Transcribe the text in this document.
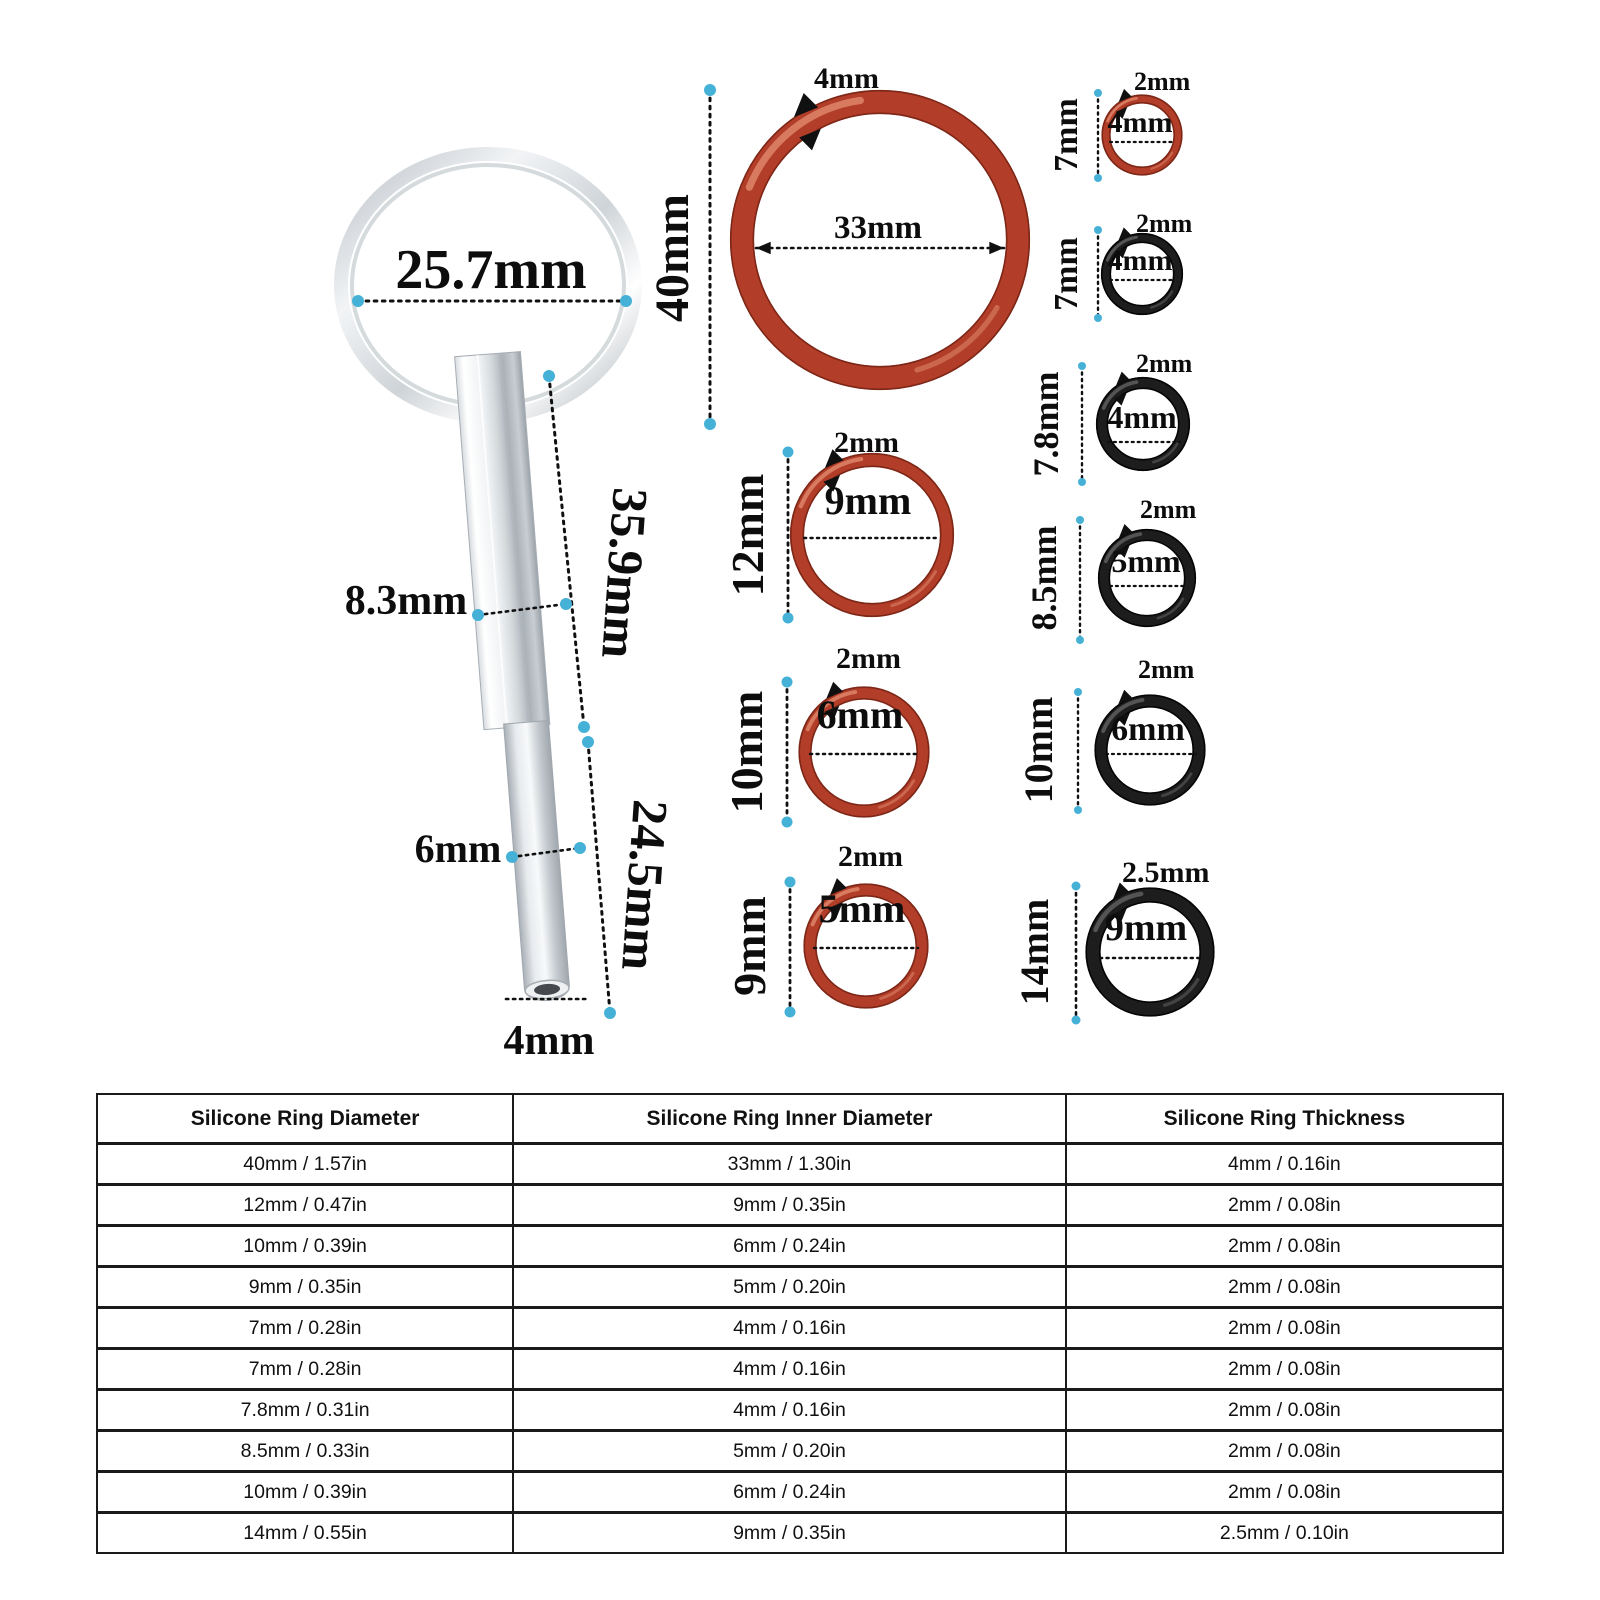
40mm	33mm
4mm
12mm 9mm
2mm
10mm 6mm
2mm
9mm 5mm
2mm
7mm 4mm
2mm
7mm 4mm
2mm
7.8mm 4mm
2mm
8.5mm 5mm
2mm
10mm 6mm
2mm
14mm 9mm
2.5mm
25.7mm
35.9mm
8.3mm
24.5mm
6mm
4mm
Silicone Ring Diameter	Silicone Ring Inner Diameter	Silicone Ring Thickness
40mm / 1.57in	33mm / 1.30in	4mm / 0.16in
12mm / 0.47in	9mm / 0.35in	2mm / 0.08in
10mm / 0.39in	6mm / 0.24in	2mm / 0.08in
9mm / 0.35in	5mm / 0.20in	2mm / 0.08in
7mm / 0.28in	4mm / 0.16in	2mm / 0.08in
7mm / 0.28in	4mm / 0.16in	2mm / 0.08in
7.8mm / 0.31in	4mm / 0.16in	2mm / 0.08in
8.5mm / 0.33in	5mm / 0.20in	2mm / 0.08in
10mm / 0.39in	6mm / 0.24in	2mm / 0.08in
14mm / 0.55in	9mm / 0.35in	2.5mm / 0.10in
